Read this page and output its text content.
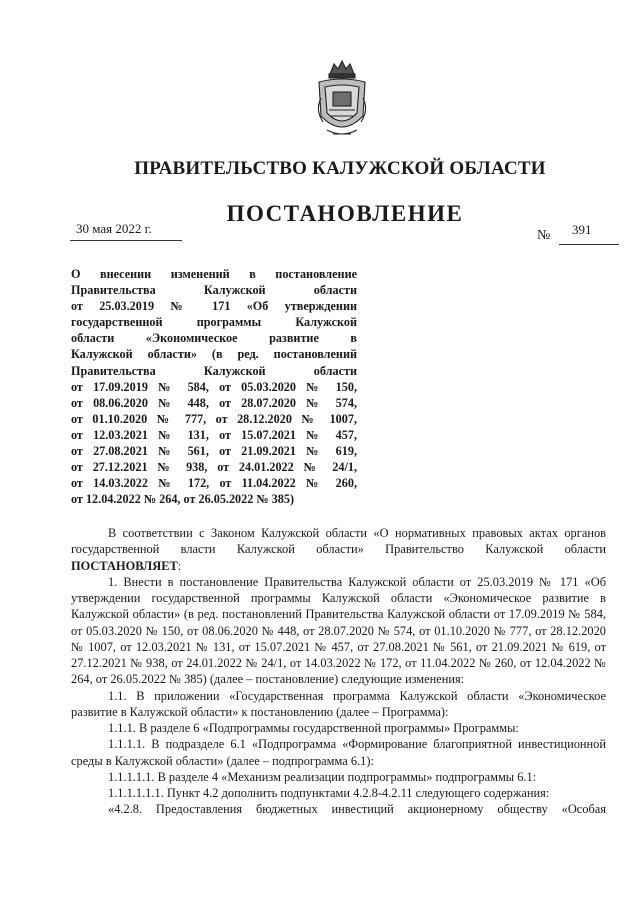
ПРАВИТЕЛЬСТВО КАЛУЖСКОЙ ОБЛАСТИ
ПОСТАНОВЛЕНИЕ
30 мая 2022 г.	№ 391

О внесении изменений в постановление

Правительства Калужской области

от 25.03.2019 № 171 «Об утверждении

государственной программы Калужской

области «Экономическое развитие в

Калужской области» (в ред. постановлений

Правительства Калужской области

от 17.09.2019 № 584, от 05.03.2020 № 150,

от 08.06.2020 № 448, от 28.07.2020 № 574,

от 01.10.2020 № 777, от 28.12.2020 № 1007,

от 12.03.2021 № 131, от 15.07.2021 № 457,

от 27.08.2021 № 561, от 21.09.2021 № 619,

от 27.12.2021 № 938, от 24.01.2022 № 24/1,

от 14.03.2022 № 172, от 11.04.2022 № 260,

от 12.04.2022 № 264, от 26.05.2022 № 385)

В соответствии с Законом Калужской области «О нормативных правовых актах органов государственной власти Калужской области» Правительство Калужской области ПОСТАНОВЛЯЕТ:

1. Внести в постановление Правительства Калужской области от 25.03.2019 № 171 «Об утверждении государственной программы Калужской области «Экономическое развитие в Калужской области» (в ред. постановлений Правительства Калужской области от 17.09.2019 № 584, от 05.03.2020 № 150, от 08.06.2020 № 448, от 28.07.2020 № 574, от 01.10.2020 № 777, от 28.12.2020 № 1007, от 12.03.2021 № 131, от 15.07.2021 № 457, от 27.08.2021 № 561, от 21.09.2021 № 619, от 27.12.2021 № 938, от 24.01.2022 № 24/1, от 14.03.2022 № 172, от 11.04.2022 № 260, от 12.04.2022 № 264, от 26.05.2022 № 385) (далее – постановление) следующие изменения:

1.1. В приложении «Государственная программа Калужской области «Экономическое развитие в Калужской области» к постановлению (далее – Программа):

1.1.1. В разделе 6 «Подпрограммы государственной программы» Программы:

1.1.1.1. В подразделе 6.1 «Подпрограмма «Формирование благоприятной инвестиционной среды в Калужской области» (далее – подпрограмма 6.1):

1.1.1.1.1. В разделе 4 «Механизм реализации подпрограммы» подпрограммы 6.1:

1.1.1.1.1.1. Пункт 4.2 дополнить подпунктами 4.2.8-4.2.11 следующего содержания:

«4.2.8. Предоставления бюджетных инвестиций акционерному обществу «Особая
